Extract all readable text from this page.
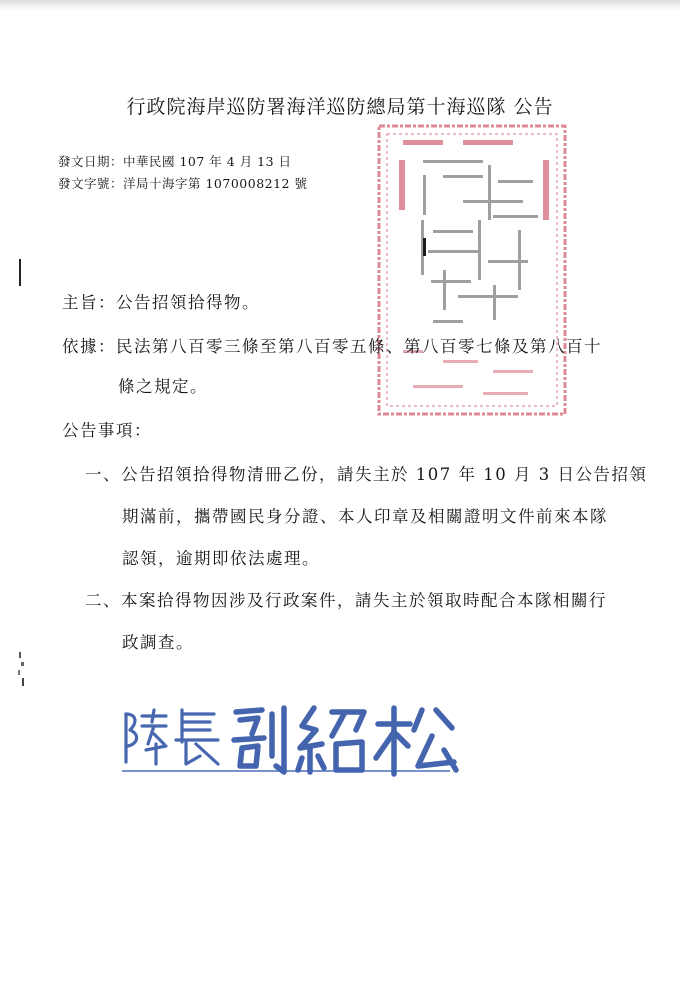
行政院海岸巡防署海洋巡防總局第十海巡隊 公告
發文日期：中華民國 107 年 4 月 13 日
發文字號：洋局十海字第 1070008212 號
主旨：公告招領拾得物。
依據：民法第八百零三條至第八百零五條、第八百零七條及第八百十
條之規定。
公告事項：
一、公告招領拾得物清冊乙份，請失主於 107 年 10 月 3 日公告招領
期滿前，攜帶國民身分證、本人印章及相關證明文件前來本隊
認領，逾期即依法處理。
二、本案拾得物因涉及行政案件，請失主於領取時配合本隊相關行
政調查。
